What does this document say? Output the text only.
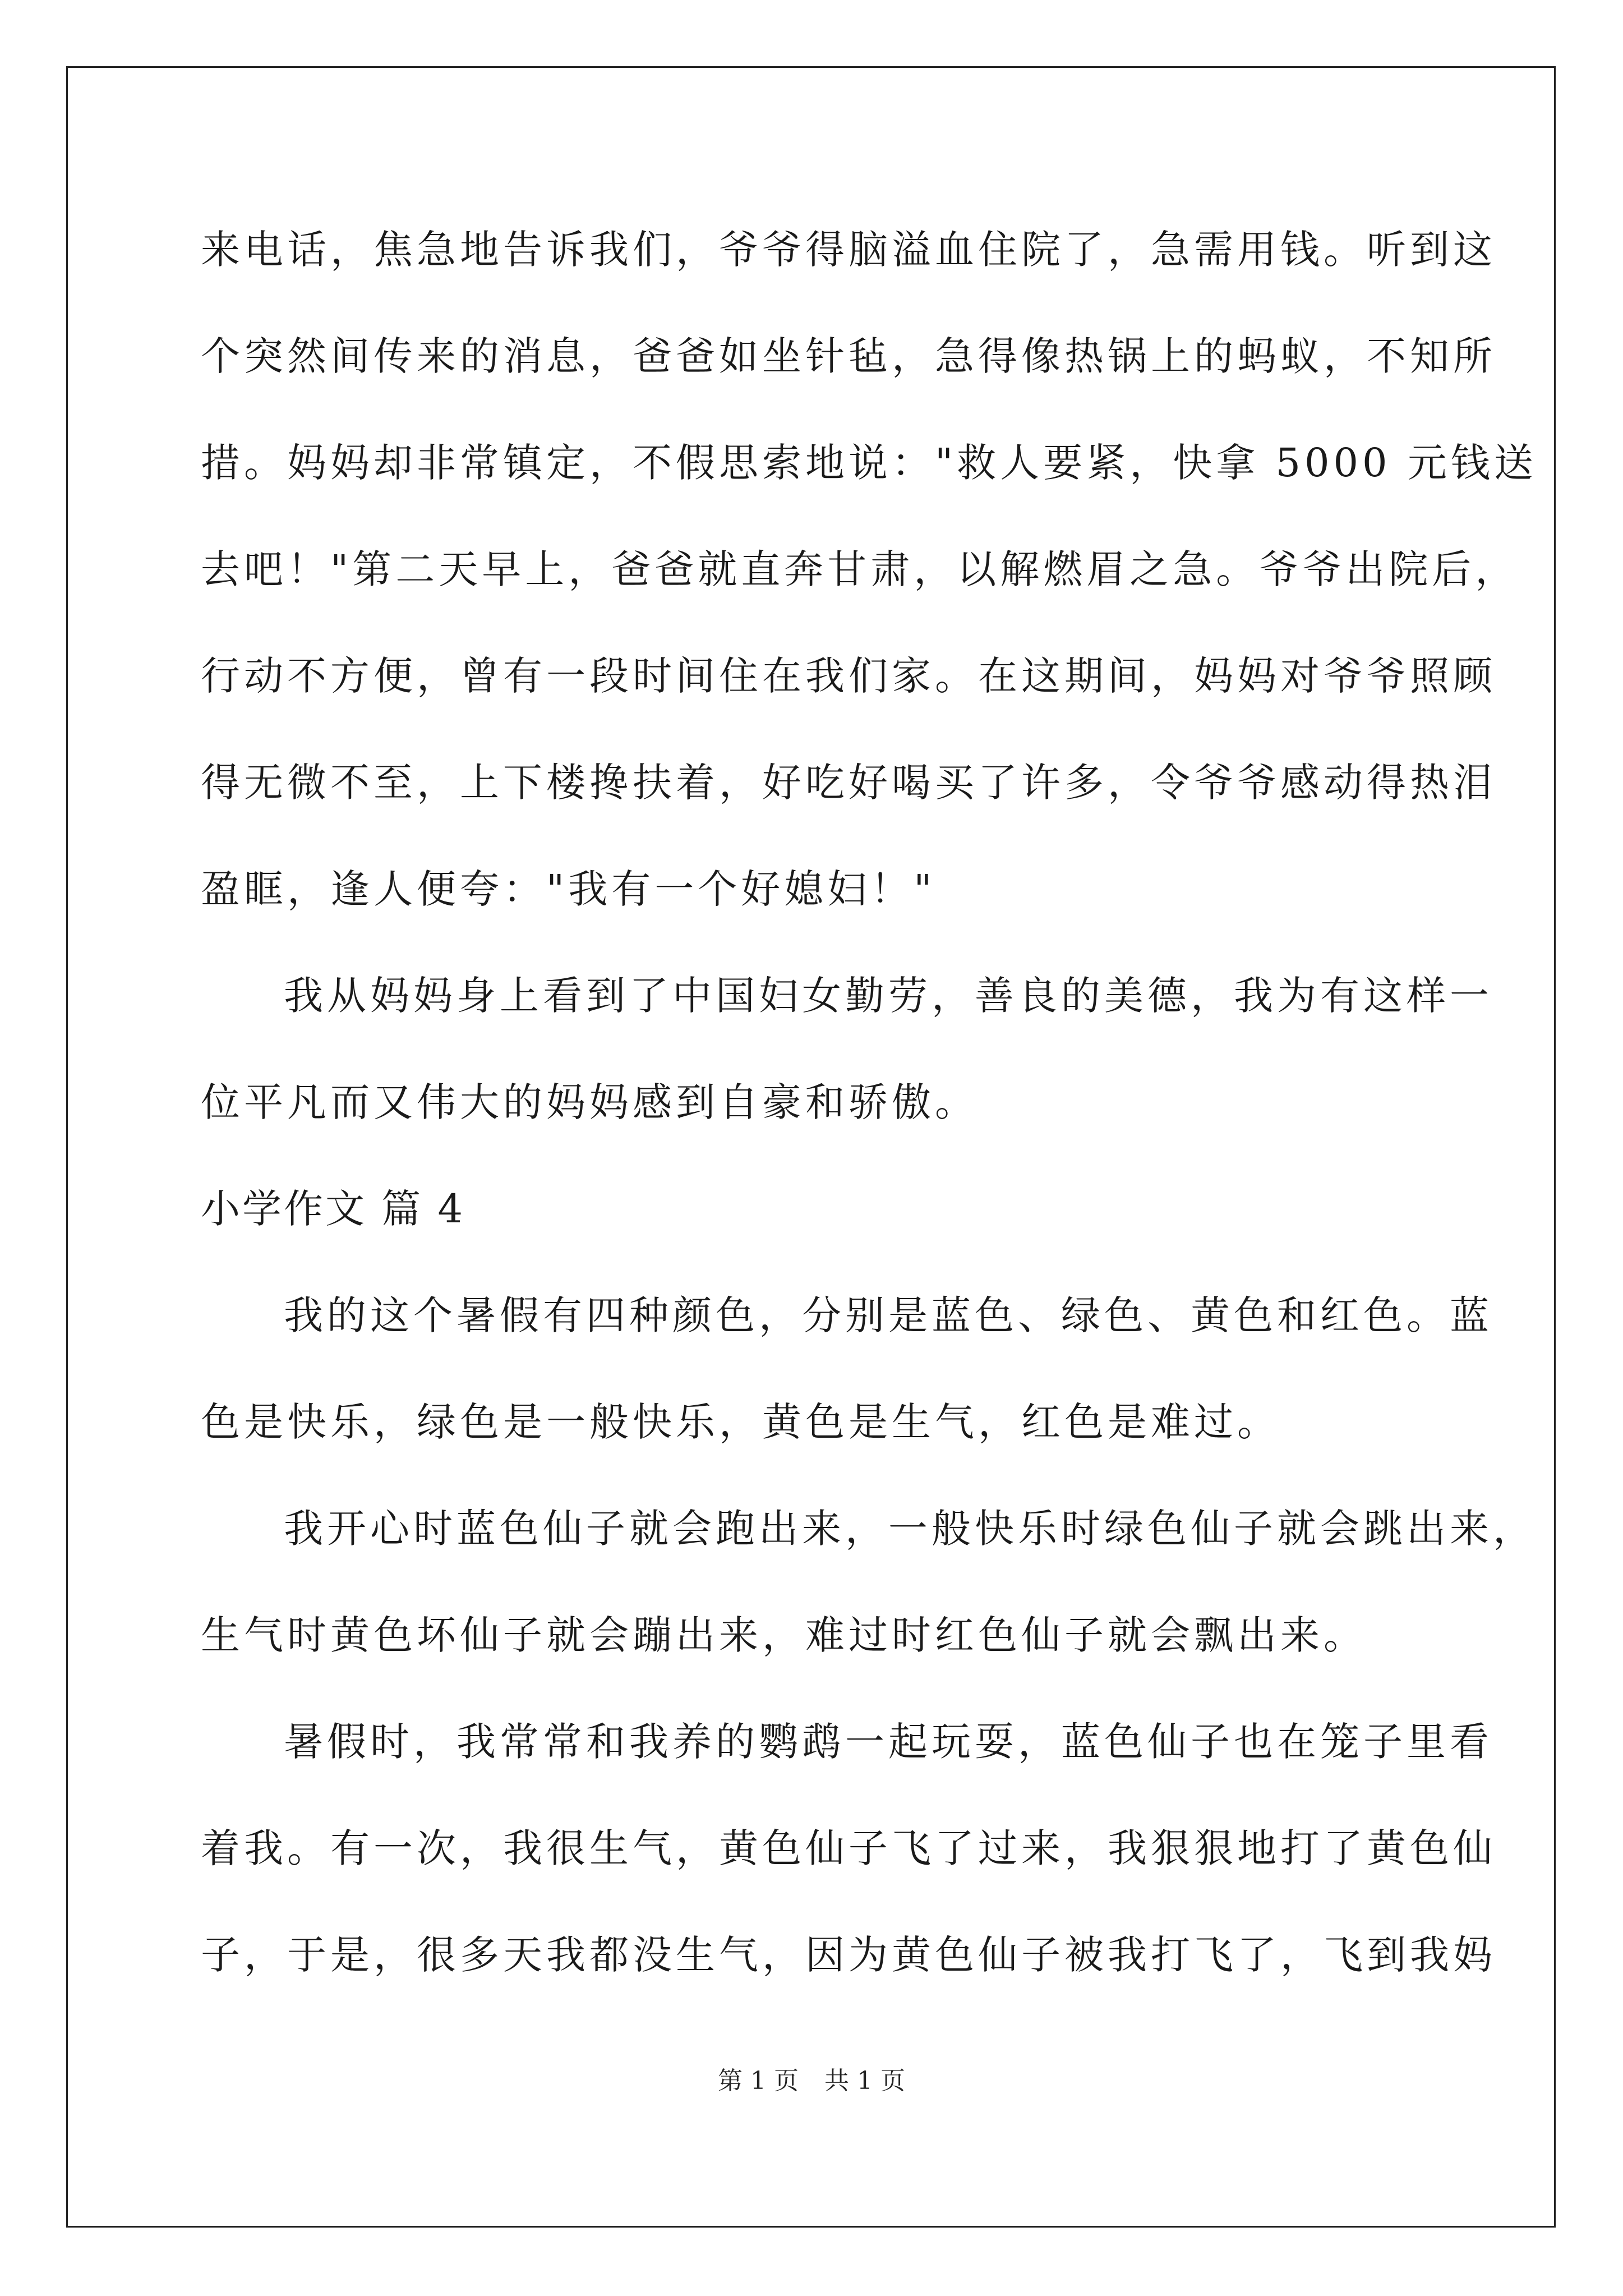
来电话，焦急地告诉我们，爷爷得脑溢血住院了，急需用钱。听到这
个突然间传来的消息，爸爸如坐针毡，急得像热锅上的蚂蚁，不知所
措。妈妈却非常镇定，不假思索地说："救人要紧，快拿 5000 元钱送
去吧！"第二天早上，爸爸就直奔甘肃，以解燃眉之急。爷爷出院后，
行动不方便，曾有一段时间住在我们家。在这期间，妈妈对爷爷照顾
得无微不至，上下楼搀扶着，好吃好喝买了许多，令爷爷感动得热泪
盈眶，逢人便夸："我有一个好媳妇！"
我从妈妈身上看到了中国妇女勤劳，善良的美德，我为有这样一
位平凡而又伟大的妈妈感到自豪和骄傲。
小学作文 篇 4
我的这个暑假有四种颜色，分别是蓝色、绿色、黄色和红色。蓝
色是快乐，绿色是一般快乐，黄色是生气，红色是难过。
我开心时蓝色仙子就会跑出来，一般快乐时绿色仙子就会跳出来，
生气时黄色坏仙子就会蹦出来，难过时红色仙子就会飘出来。
暑假时，我常常和我养的鹦鹉一起玩耍，蓝色仙子也在笼子里看
着我。有一次，我很生气，黄色仙子飞了过来，我狠狠地打了黄色仙
子，于是，很多天我都没生气，因为黄色仙子被我打飞了，飞到我妈
第 1 页 共 1 页
